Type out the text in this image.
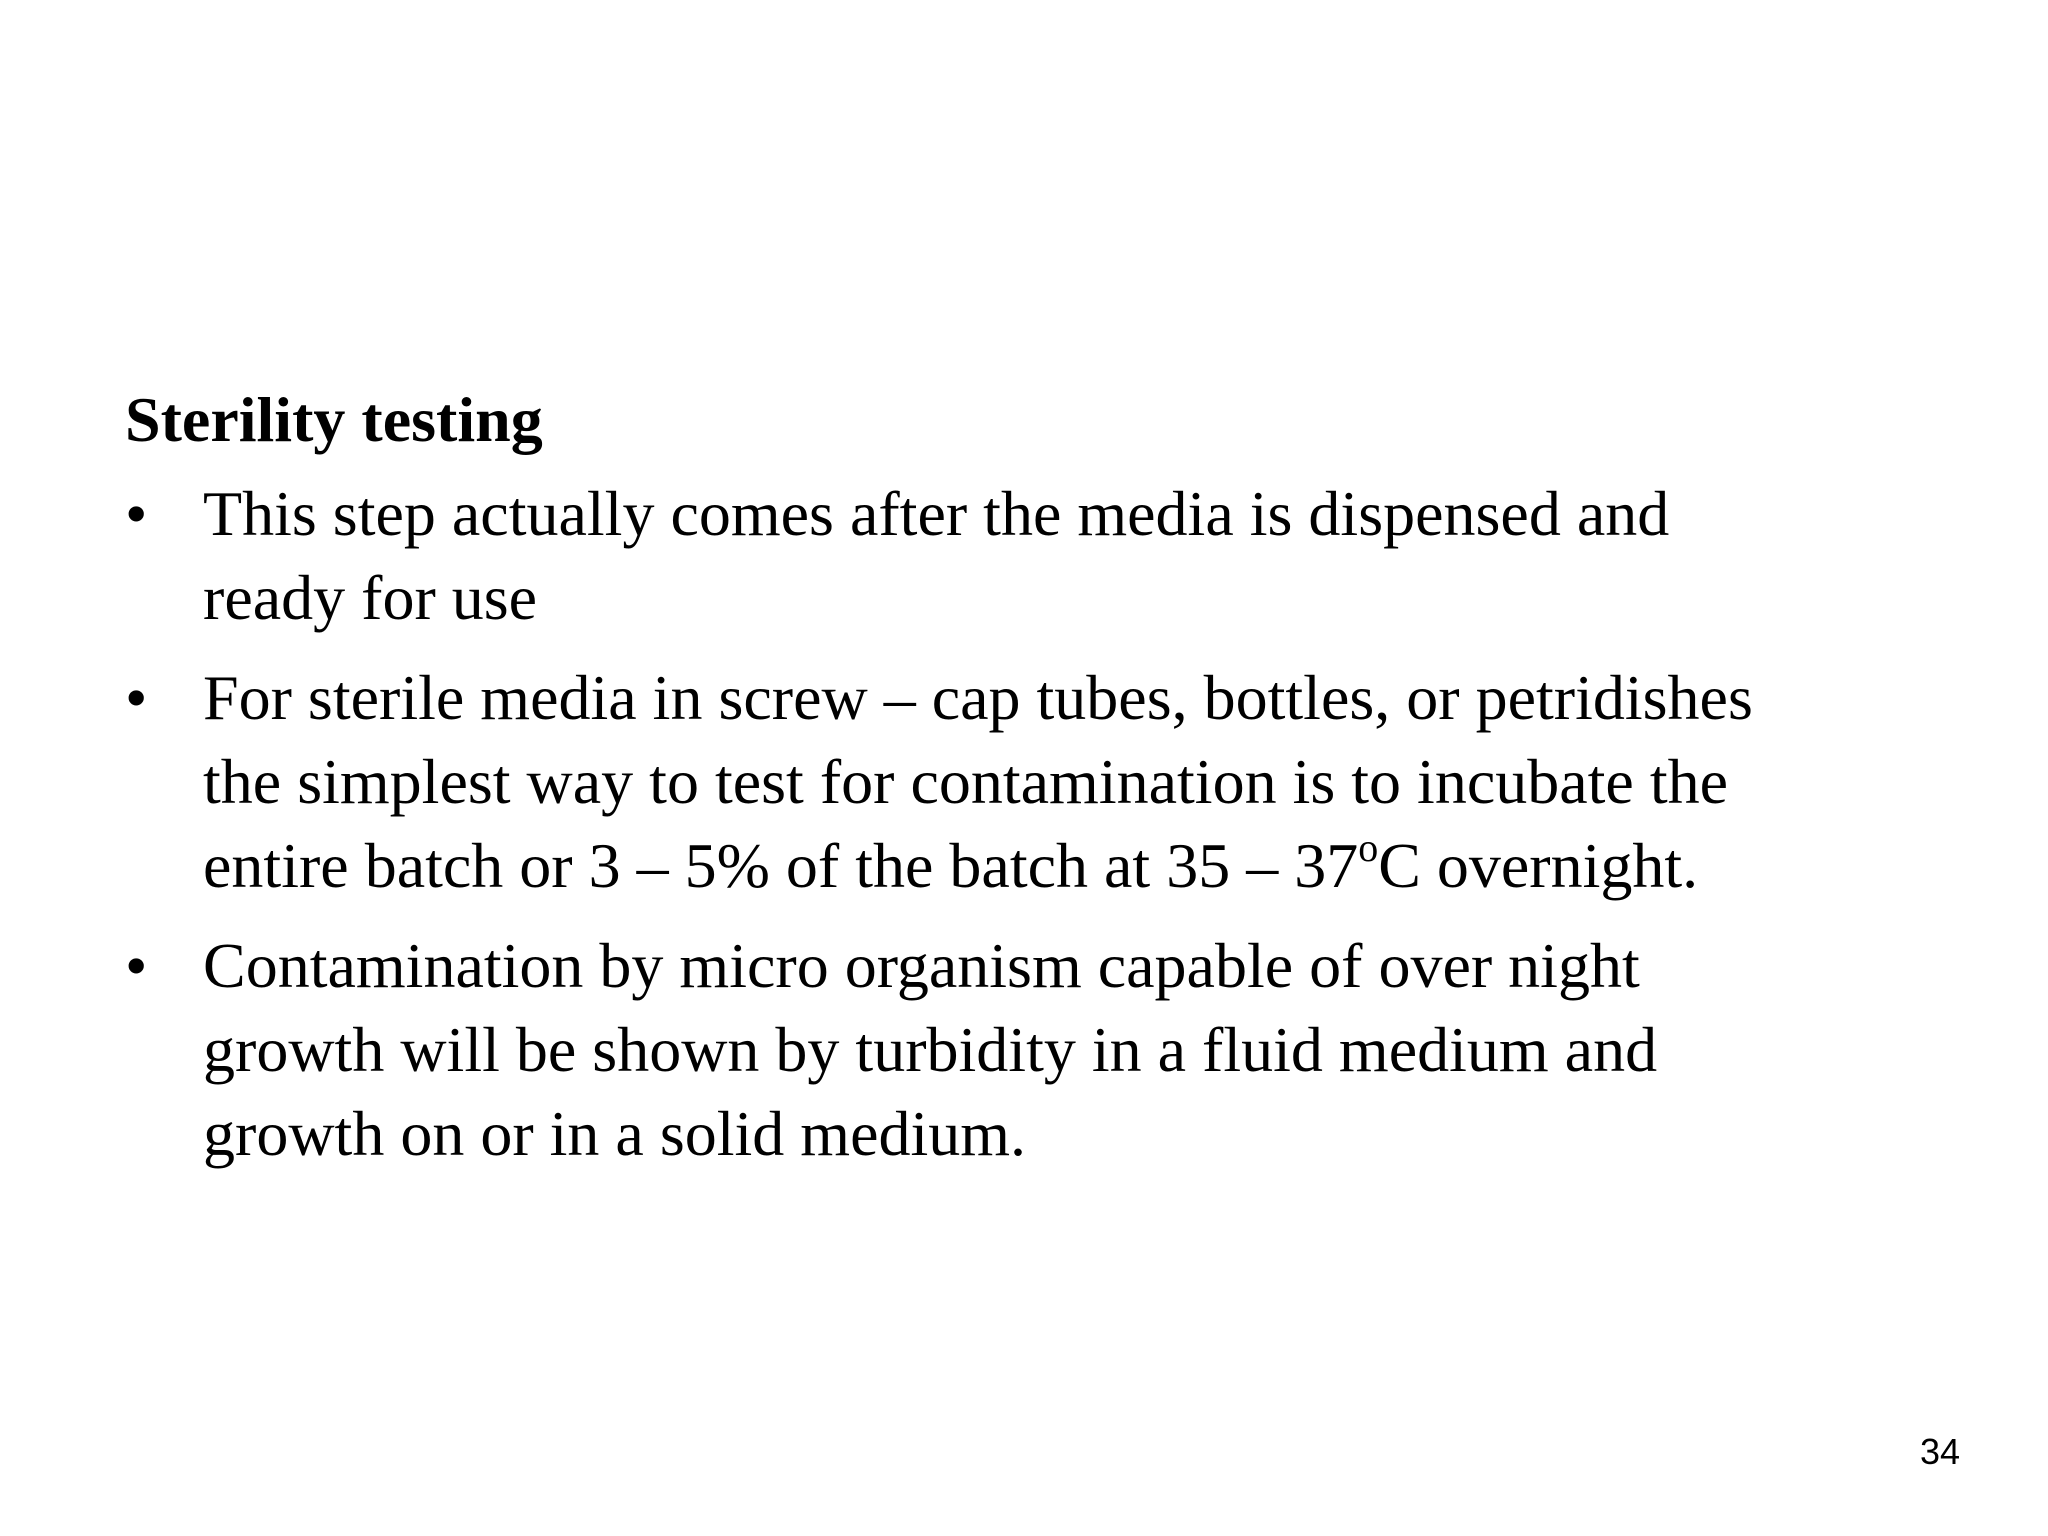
Sterility testing
• This step actually comes after the media is dispensed and
ready for use
• For sterile media in screw – cap tubes, bottles, or petridishes
the simplest way to test for contamination is to incubate the
entire batch or 3 – 5% of the batch at 35 – 37$^o$C overnight.
• Contamination by micro organism capable of over night
growth will be shown by turbidity in a fluid medium and
growth on or in a solid medium.
34
